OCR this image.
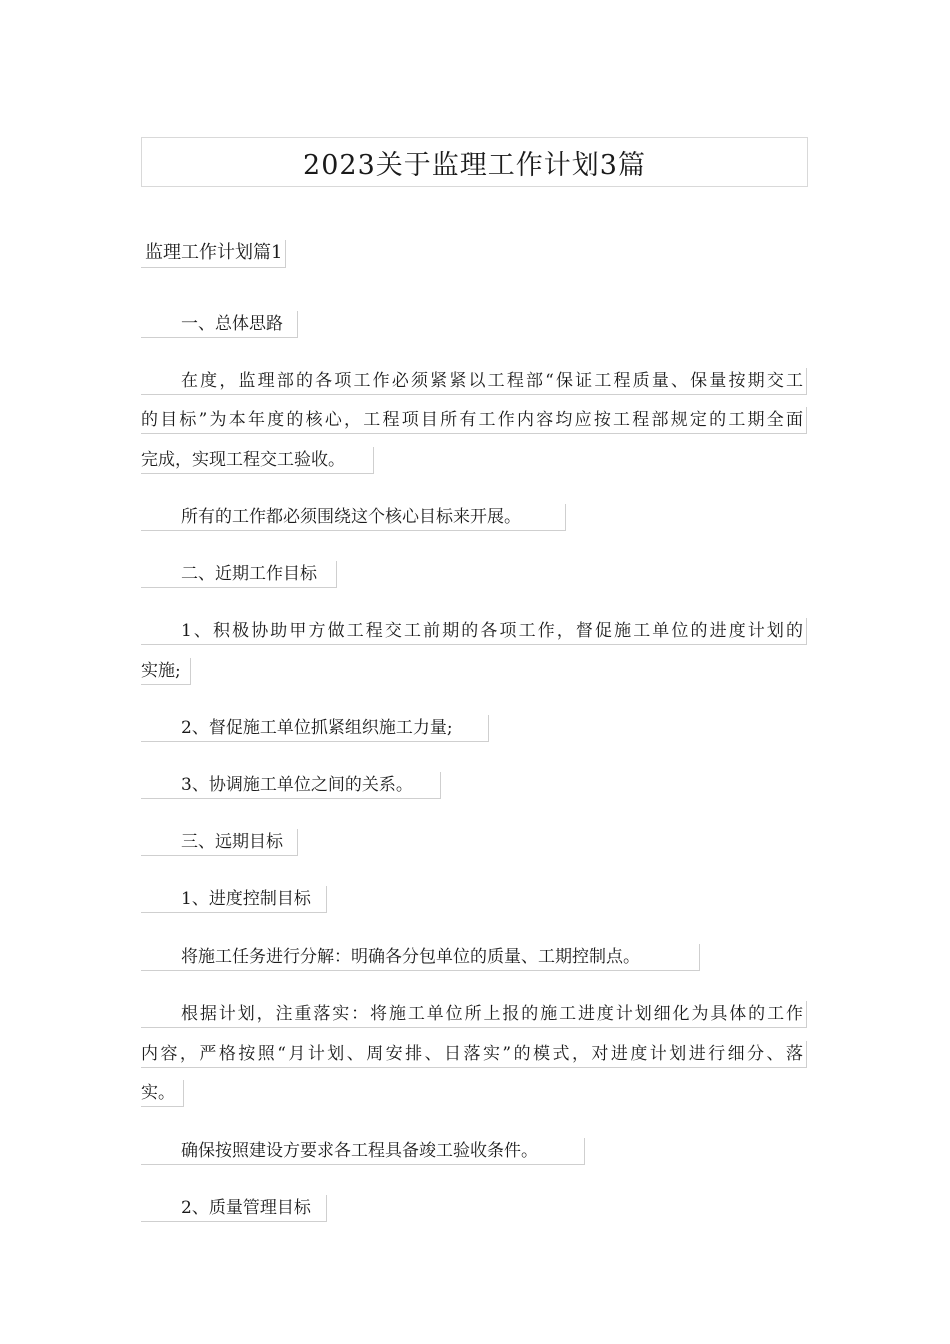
2023关于监理工作计划3篇
监理工作计划篇1
一、总体思路
在度，监理部的各项工作必须紧紧以工程部“保证工程质量、保量按期交工
的目标”为本年度的核心，工程项目所有工作内容均应按工程部规定的工期全面
完成，实现工程交工验收。
所有的工作都必须围绕这个核心目标来开展。
二、近期工作目标
1、积极协助甲方做工程交工前期的各项工作，督促施工单位的进度计划的
实施;
2、督促施工单位抓紧组织施工力量;
3、协调施工单位之间的关系。
三、远期目标
1、进度控制目标
将施工任务进行分解：明确各分包单位的质量、工期控制点。
根据计划，注重落实：将施工单位所上报的施工进度计划细化为具体的工作
内容，严格按照“月计划、周安排、日落实”的模式，对进度计划进行细分、落
实。
确保按照建设方要求各工程具备竣工验收条件。
2、质量管理目标
